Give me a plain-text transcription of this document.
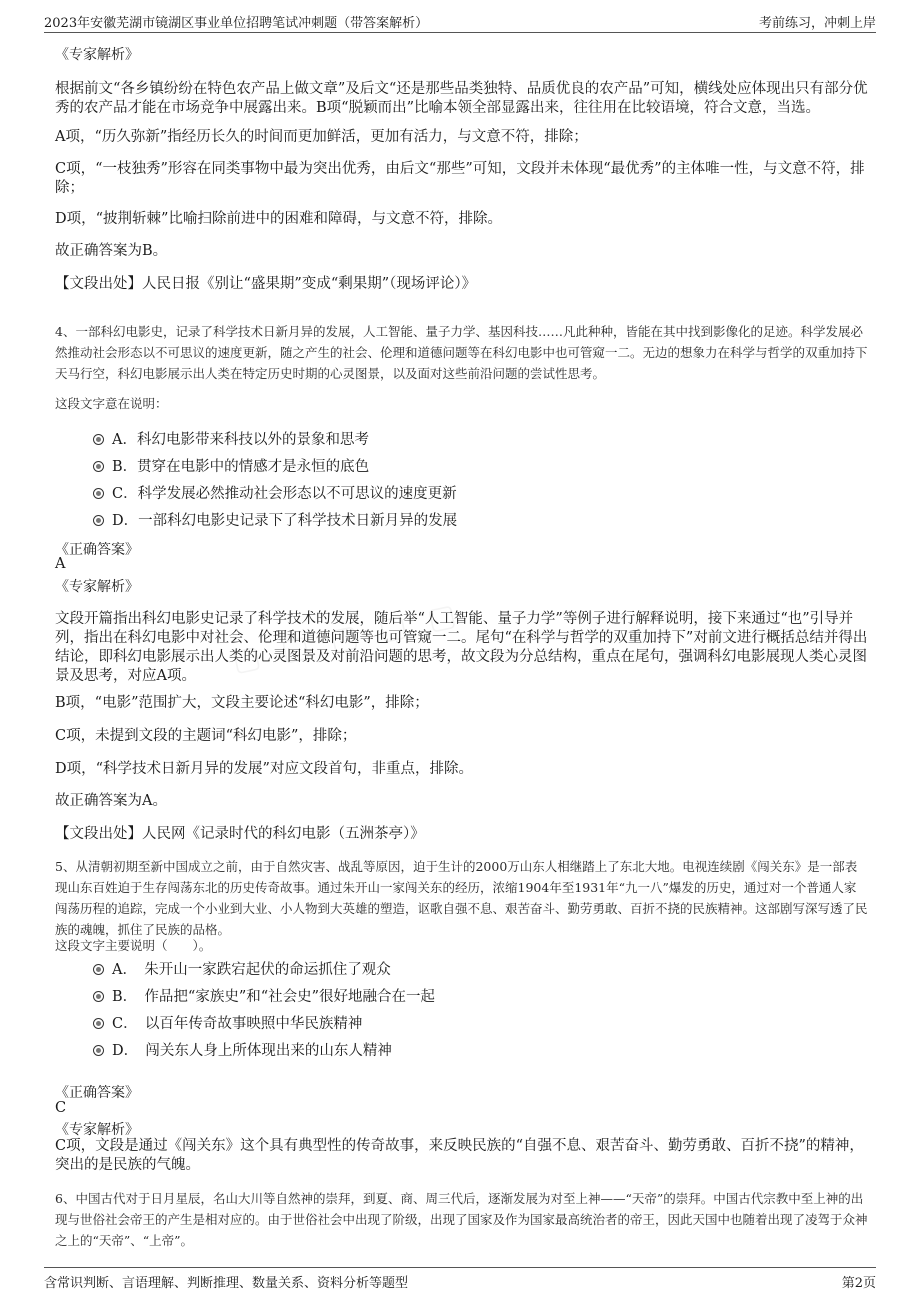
2023年安徽芜湖市镜湖区事业单位招聘笔试冲刺题（带答案解析）	考前练习，冲刺上岸
《专家解析》
根据前文“各乡镇纷纷在特色农产品上做文章”及后文“还是那些品类独特、品质优良的农产品”可知，横线处应体现出只有部分优秀的农产品才能在市场竞争中展露出来。B项“脱颖而出”比喻本领全部显露出来，往往用在比较语境，符合文意，当选。
A项，“历久弥新”指经历长久的时间而更加鲜活，更加有活力，与文意不符，排除；
C项，“一枝独秀”形容在同类事物中最为突出优秀，由后文“那些”可知，文段并未体现“最优秀”的主体唯一性，与文意不符，排除；
D项，“披荆斩棘”比喻扫除前进中的困难和障碍，与文意不符，排除。
故正确答案为B。
【文段出处】人民日报《别让“盛果期”变成“剩果期”（现场评论）》
4、一部科幻电影史，记录了科学技术日新月异的发展，人工智能、量子力学、基因科技……凡此种种，皆能在其中找到影像化的足迹。科学发展必然推动社会形态以不可思议的速度更新，随之产生的社会、伦理和道德问题等在科幻电影中也可管窥一二。无边的想象力在科学与哲学的双重加持下天马行空，科幻电影展示出人类在特定历史时期的心灵图景，以及面对这些前沿问题的尝试性思考。
这段文字意在说明：
A．科幻电影带来科技以外的景象和思考
B．贯穿在电影中的情感才是永恒的底色
C．科学发展必然推动社会形态以不可思议的速度更新
D．一部科幻电影史记录下了科学技术日新月异的发展
《正确答案》
A
《专家解析》
文段开篇指出科幻电影史记录了科学技术的发展，随后举“人工智能、量子力学”等例子进行解释说明，接下来通过“也”引导并列，指出在科幻电影中对社会、伦理和道德问题等也可管窥一二。尾句“在科学与哲学的双重加持下”对前文进行概括总结并得出结论，即科幻电影展示出人类的心灵图景及对前沿问题的思考，故文段为分总结构，重点在尾句，强调科幻电影展现人类心灵图景及思考，对应A项。
B项，“电影”范围扩大，文段主要论述“科幻电影”，排除；
C项，未提到文段的主题词“科幻电影”，排除；
D项，“科学技术日新月异的发展”对应文段首句，非重点，排除。
故正确答案为A。
【文段出处】人民网《记录时代的科幻电影（五洲茶亭）》
5、从清朝初期至新中国成立之前，由于自然灾害、战乱等原因，迫于生计的2000万山东人相继踏上了东北大地。电视连续剧《闯关东》是一部表现山东百姓迫于生存闯荡东北的历史传奇故事。通过朱开山一家闯关东的经历，浓缩1904年至1931年“九一八”爆发的历史，通过对一个普通人家闯荡历程的追踪，完成一个小业到大业、小人物到大英雄的塑造，讴歌自强不息、艰苦奋斗、勤劳勇敢、百折不挠的民族精神。这部剧写深写透了民族的魂魄，抓住了民族的品格。
这段文字主要说明（　　）。
A．　朱开山一家跌宕起伏的命运抓住了观众
B．　作品把“家族史”和“社会史”很好地融合在一起
C．　以百年传奇故事映照中华民族精神
D．　闯关东人身上所体现出来的山东人精神
《正确答案》
C
《专家解析》
C项，文段是通过《闯关东》这个具有典型性的传奇故事，来反映民族的“自强不息、艰苦奋斗、勤劳勇敢、百折不挠”的精神，突出的是民族的气魄。
6、中国古代对于日月星辰，名山大川等自然神的崇拜，到夏、商、周三代后，逐渐发展为对至上神——“天帝”的崇拜。中国古代宗教中至上神的出现与世俗社会帝王的产生是相对应的。由于世俗社会中出现了阶级，出现了国家及作为国家最高统治者的帝王，因此天国中也随着出现了凌驾于众神之上的“天帝”、“上帝”。
含常识判断、言语理解、判断推理、数量关系、资料分析等题型	第2页
